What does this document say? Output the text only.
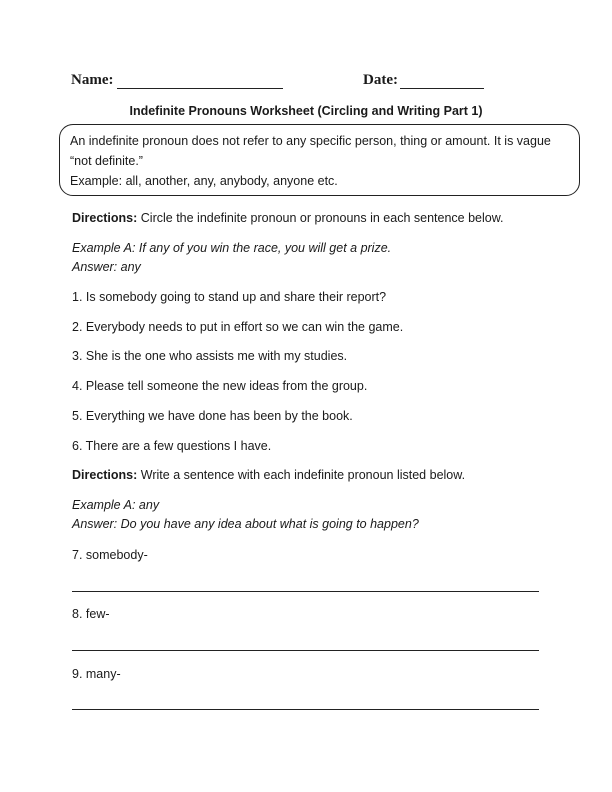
Name:	Date:
Indefinite Pronouns Worksheet (Circling and Writing Part 1)
An indefinite pronoun does not refer to any specific person, thing or amount. It is vague
“not definite.”
Example: all, another, any, anybody, anyone etc.
Directions: Circle the indefinite pronoun or pronouns in each sentence below.
Example A: If any of you win the race, you will get a prize.
Answer: any
1. Is somebody going to stand up and share their report?
2. Everybody needs to put in effort so we can win the game.
3. She is the one who assists me with my studies.
4. Please tell someone the new ideas from the group.
5. Everything we have done has been by the book.
6. There are a few questions I have.
Directions: Write a sentence with each indefinite pronoun listed below.
Example A: any
Answer: Do you have any idea about what is going to happen?
7. somebody-
8. few-
9. many-
